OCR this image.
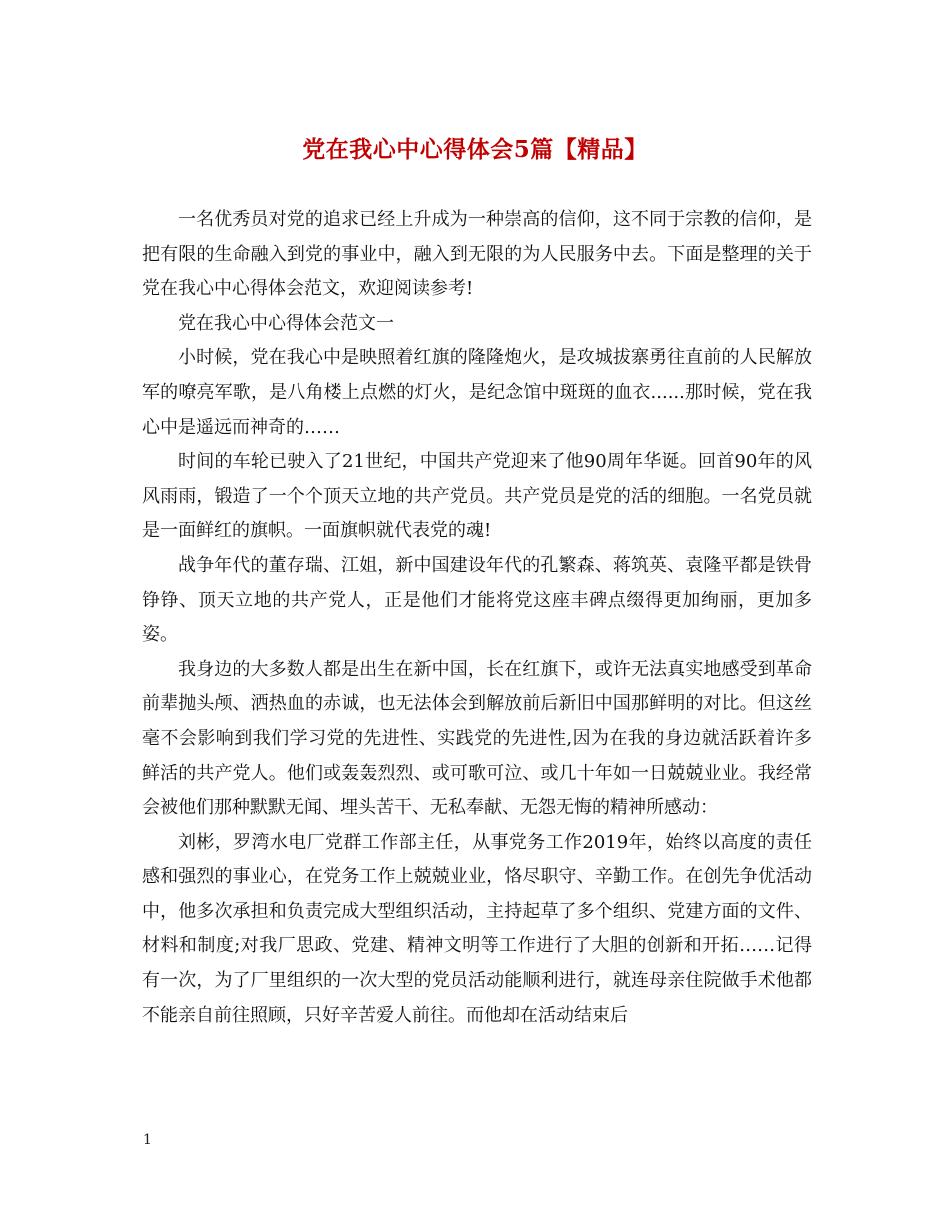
党在我心中心得体会5篇【精品】

一名优秀员对党的追求已经上升成为一种崇高的信仰，这不同于宗教的信仰，是把有限的生命融入到党的事业中，融入到无限的为人民服务中去。下面是整理的关于党在我心中心得体会范文，欢迎阅读参考!

党在我心中心得体会范文一

小时候，党在我心中是映照着红旗的隆隆炮火，是攻城拔寨勇往直前的人民解放军的嘹亮军歌，是八角楼上点燃的灯火，是纪念馆中斑斑的血衣......那时候，党在我心中是遥远而神奇的……

时间的车轮已驶入了21世纪，中国共产党迎来了他90周年华诞。回首90年的风风雨雨，锻造了一个个顶天立地的共产党员。共产党员是党的活的细胞。一名党员就是一面鲜红的旗帜。一面旗帜就代表党的魂!

战争年代的董存瑞、江姐，新中国建设年代的孔繁森、蒋筑英、袁隆平都是铁骨铮铮、顶天立地的共产党人，正是他们才能将党这座丰碑点缀得更加绚丽，更加多姿。

我身边的大多数人都是出生在新中国，长在红旗下，或许无法真实地感受到革命前辈抛头颅、洒热血的赤诚，也无法体会到解放前后新旧中国那鲜明的对比。但这丝毫不会影响到我们学习党的先进性、实践党的先进性,因为在我的身边就活跃着许多鲜活的共产党人。他们或轰轰烈烈、或可歌可泣、或几十年如一日兢兢业业。我经常会被他们那种默默无闻、埋头苦干、无私奉献、无怨无悔的精神所感动：

刘彬，罗湾水电厂党群工作部主任，从事党务工作2019年，始终以高度的责任感和强烈的事业心，在党务工作上兢兢业业，恪尽职守、辛勤工作。在创先争优活动中，他多次承担和负责完成大型组织活动，主持起草了多个组织、党建方面的文件、材料和制度;对我厂思政、党建、精神文明等工作进行了大胆的创新和开拓……记得有一次，为了厂里组织的一次大型的党员活动能顺利进行，就连母亲住院做手术他都不能亲自前往照顾，只好辛苦爱人前往。而他却在活动结束后

1
